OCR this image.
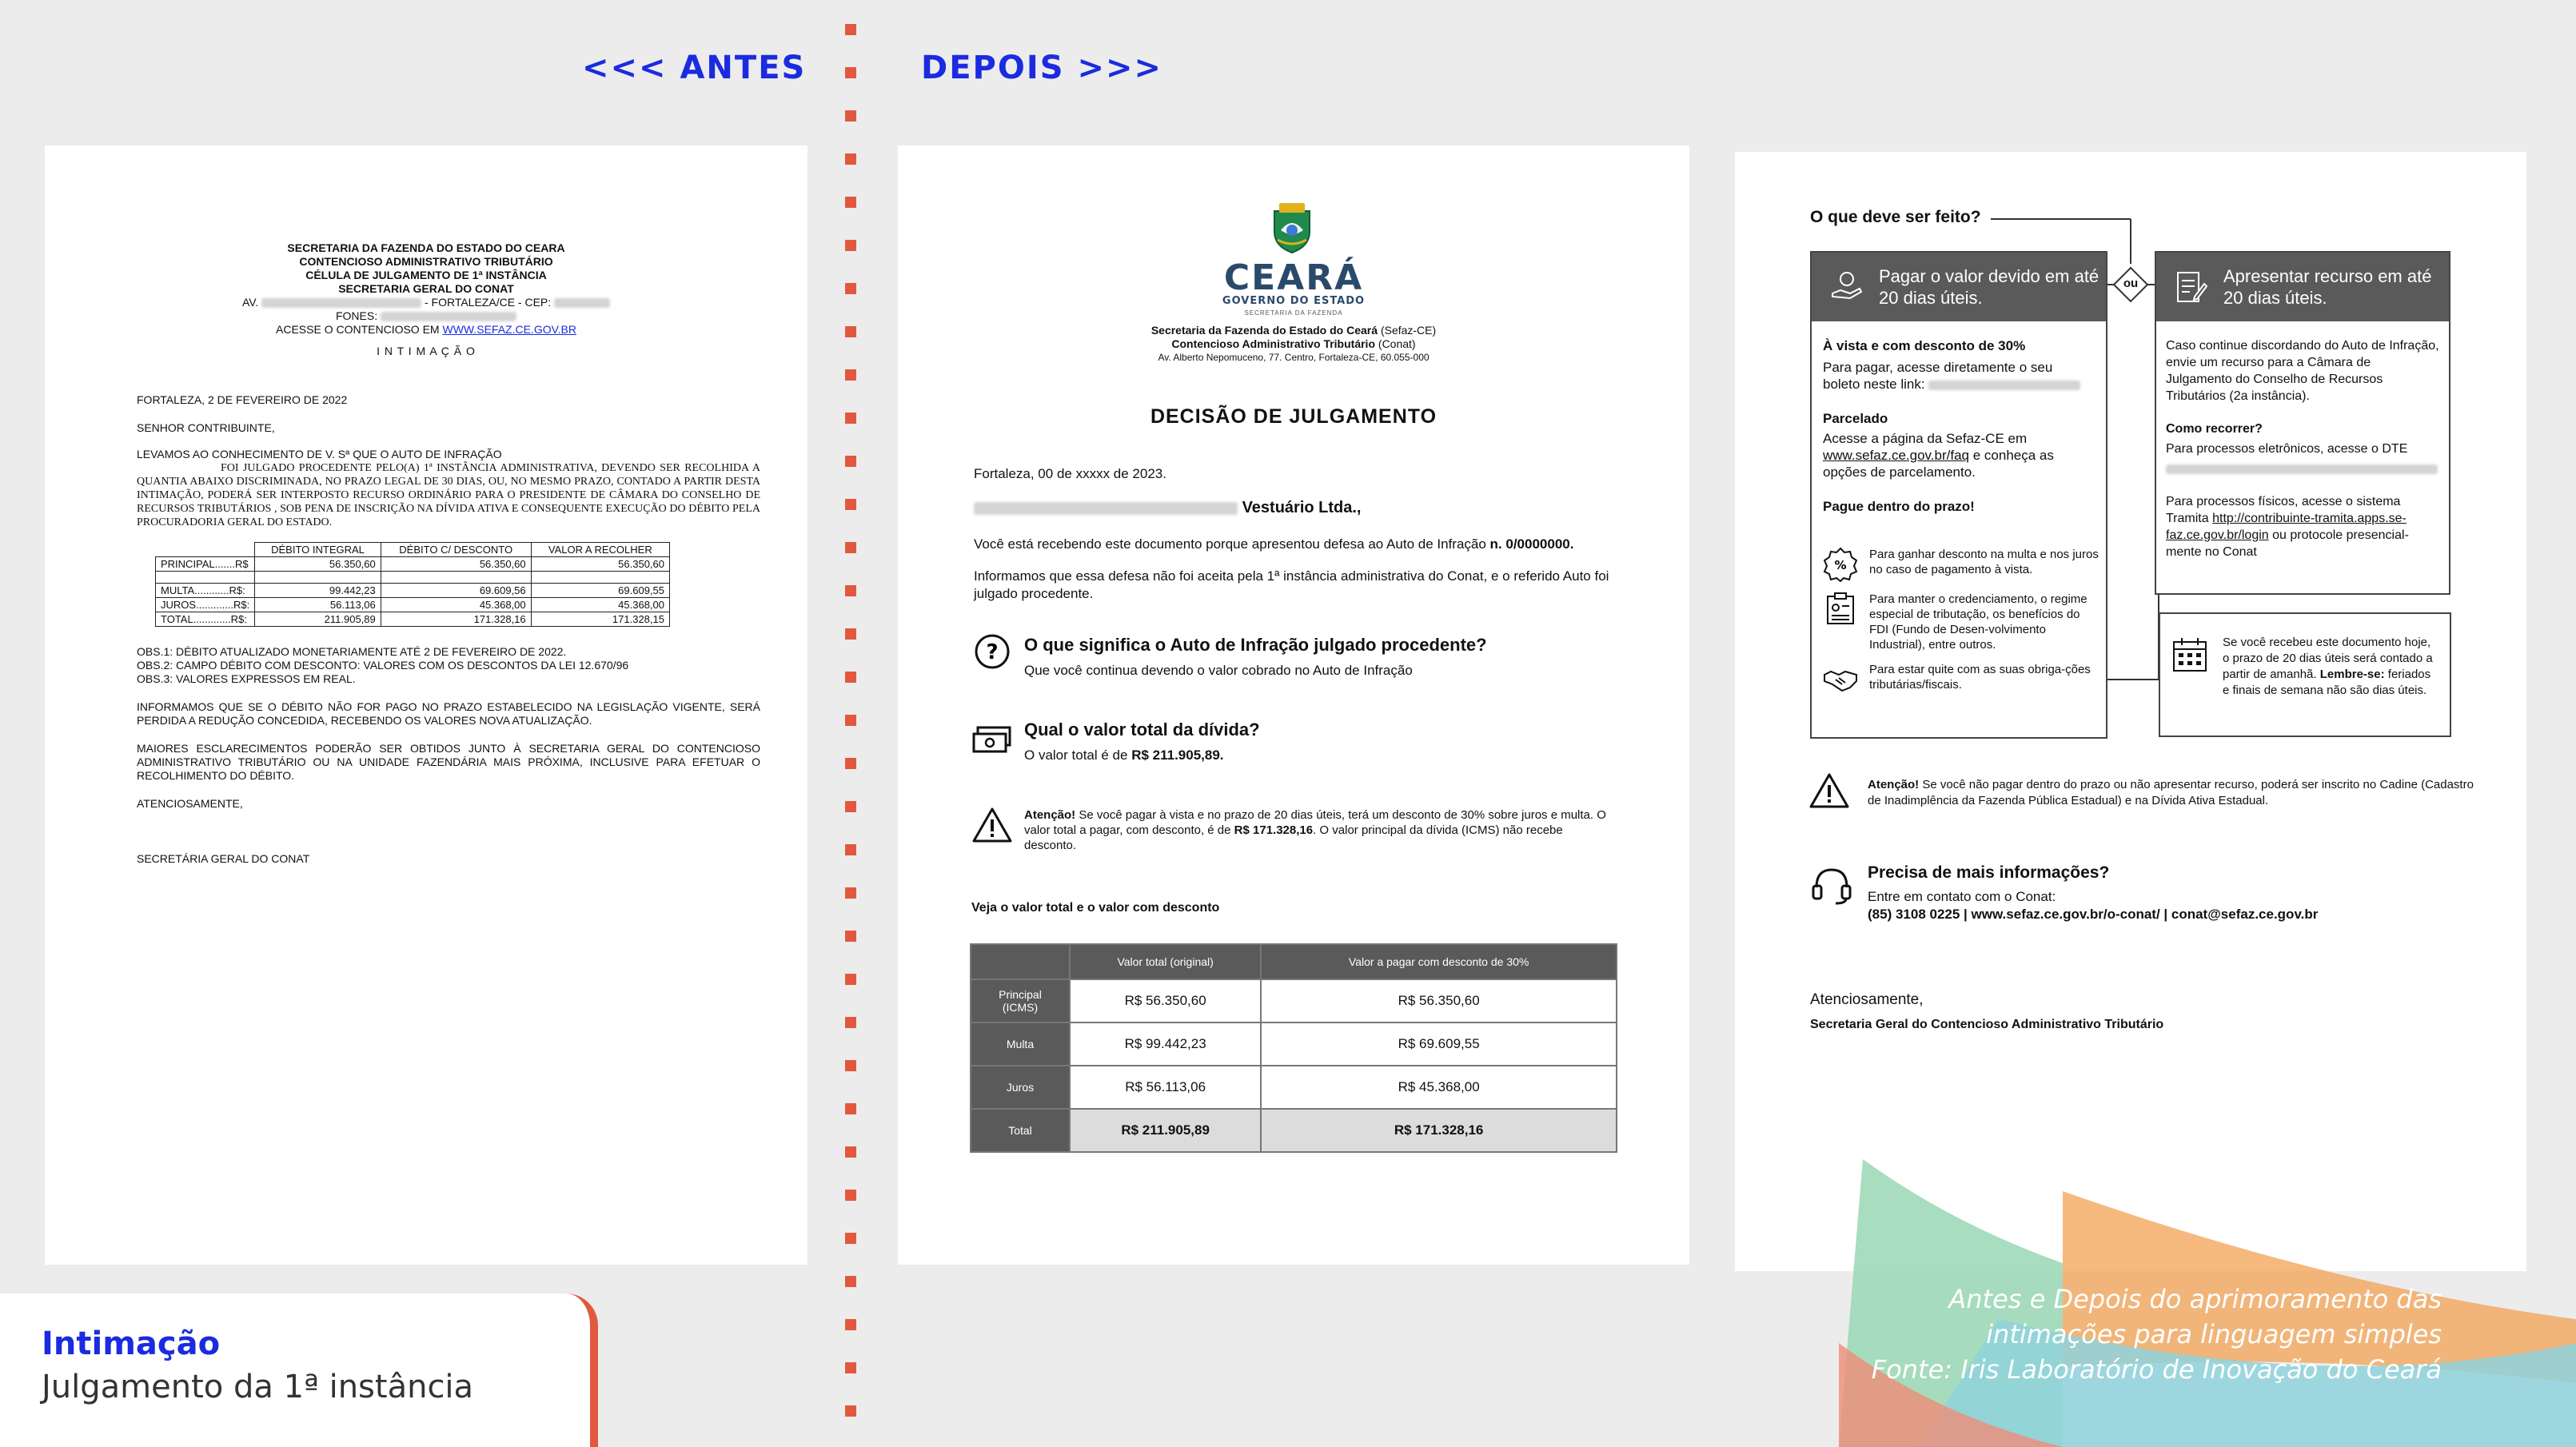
<<< ANTES	DEPOIS >>>
SECRETARIA DA FAZENDA DO ESTADO DO CEARA
CONTENCIOSO ADMINISTRATIVO TRIBUTÁRIO
CÉLULA DE JULGAMENTO DE 1ª INSTÂNCIA
SECRETARIA GERAL DO CONAT
AV.	- FORTALEZA/CE - CEP:
FONES:
ACESSE O CONTENCIOSO EM WWW.SEFAZ.CE.GOV.BR
I N T I M A Ç Ã O
FORTALEZA, 2 DE FEVEREIRO DE 2022
SENHOR CONTRIBUINTE,
LEVAMOS AO CONHECIMENTO DE V. Sª QUE O AUTO DE INFRAÇÃO
FOI JULGADO PROCEDENTE PELO(A) 1ª INSTÂNCIA ADMINISTRATIVA, DEVENDO SER RECOLHIDA A QUANTIA ABAIXO DISCRIMINADA, NO PRAZO LEGAL DE 30 DIAS, OU, NO MESMO PRAZO, CONTADO A PARTIR DESTA INTIMAÇÃO, PODERÁ SER INTERPOSTO RECURSO ORDINÁRIO PARA O PRESIDENTE DE CÂMARA DO CONSELHO DE RECURSOS TRIBUTÁRIOS , SOB PENA DE INSCRIÇÃO NA DÍVIDA ATIVA E CONSEQUENTE EXECUÇÃO DO DÉBITO PELA PROCURADORIA GERAL DO ESTADO.
	DÉBITO INTEGRAL	DÉBITO C/ DESCONTO	VALOR A RECOLHER
PRINCIPAL.......R$	56.350,60	56.350,60	56.350,60

MULTA............R$:	99.442,23	69.609,56	69.609,55
JUROS.............R$:	56.113,06	45.368,00	45.368,00
TOTAL.............R$:	211.905,89	171.328,16	171.328,15
OBS.1: DÉBITO ATUALIZADO MONETARIAMENTE ATÉ 2 DE FEVEREIRO DE 2022.
OBS.2: CAMPO DÉBITO COM DESCONTO: VALORES COM OS DESCONTOS DA LEI 12.670/96
OBS.3: VALORES EXPRESSOS EM REAL.
INFORMAMOS QUE SE O DÉBITO NÃO FOR PAGO NO PRAZO ESTABELECIDO NA LEGISLAÇÃO VIGENTE, SERÁ PERDIDA A REDUÇÃO CONCEDIDA, RECEBENDO OS VALORES NOVA ATUALIZAÇÃO.
MAIORES ESCLARECIMENTOS PODERÃO SER OBTIDOS JUNTO À SECRETARIA GERAL DO CONTENCIOSO ADMINISTRATIVO TRIBUTÁRIO OU NA UNIDADE FAZENDÁRIA MAIS PRÓXIMA, INCLUSIVE PARA EFETUAR O RECOLHIMENTO DO DÉBITO.
ATENCIOSAMENTE,
SECRETÁRIA GERAL DO CONAT
CEARÁ
GOVERNO DO ESTADO
SECRETARIA DA FAZENDA
Secretaria da Fazenda do Estado do Ceará (Sefaz-CE)
Contencioso Administrativo Tributário (Conat)
Av. Alberto Nepomuceno, 77. Centro, Fortaleza-CE, 60.055-000
DECISÃO DE JULGAMENTO
Fortaleza, 00 de xxxxx de 2023.
Vestuário Ltda.,
Você está recebendo este documento porque apresentou defesa ao Auto de Infração n. 0/0000000.
Informamos que essa defesa não foi aceita pela 1ª instância administrativa do Conat, e o referido Auto foi julgado procedente.
? O que significa o Auto de Infração julgado procedente?
Que você continua devendo o valor cobrado no Auto de Infração
Qual o valor total da dívida?
O valor total é de R$ 211.905,89.
Atenção! Se você pagar à vista e no prazo de 20 dias úteis, terá um desconto de 30% sobre juros e multa. O valor total a pagar, com desconto, é de R$ 171.328,16. O valor principal da dívida (ICMS) não recebe desconto.
Veja o valor total e o valor com desconto
	Valor total (original)	Valor a pagar com desconto de 30%
Principal (ICMS)	R$ 56.350,60	R$ 56.350,60
Multa	R$ 99.442,23	R$ 69.609,55
Juros	R$ 56.113,06	R$ 45.368,00
Total	R$ 211.905,89	R$ 171.328,16
O que deve ser feito?
ou
Pagar o valor devido em até 20 dias úteis.
À vista e com desconto de 30%
Para pagar, acesse diretamente o seu boleto neste link:
Parcelado
Acesse a página da Sefaz-CE em www.sefaz.ce.gov.br/faq e conheça as opções de parcelamento.
Pague dentro do prazo!
%
Para ganhar desconto na multa e nos juros no caso de pagamento à vista.
Para manter o credenciamento, o regime especial de tributação, os benefícios do FDI (Fundo de Desen-volvimento Industrial), entre outros.
Para estar quite com as suas obriga-ções tributárias/fiscais.
Apresentar recurso em até 20 dias úteis.
Caso continue discordando do Auto de Infração, envie um recurso para a Câmara de Julgamento do Conselho de Recursos Tributários (2a instância).
Como recorrer?
Para processos eletrônicos, acesse o DTE
Para processos físicos, acesse o sistema Tramita http://contribuinte-tramita.apps.se-faz.ce.gov.br/login ou protocole presencial-mente no Conat
Se você recebeu este documento hoje, o prazo de 20 dias úteis será contado a partir de amanhã. Lembre-se: feriados e finais de semana não são dias úteis.
Atenção! Se você não pagar dentro do prazo ou não apresentar recurso, poderá ser inscrito no Cadine (Cadastro de Inadimplência da Fazenda Pública Estadual) e na Dívida Ativa Estadual.
Precisa de mais informações?
Entre em contato com o Conat:
(85) 3108 0225 | www.sefaz.ce.gov.br/o-conat/ | conat@sefaz.ce.gov.br
Atenciosamente,
Secretaria Geral do Contencioso Administrativo Tributário
Antes e Depois do aprimoramento das
intimações para linguagem simples
Fonte: Iris Laboratório de Inovação do Ceará
Intimação
Julgamento da 1ª instância
